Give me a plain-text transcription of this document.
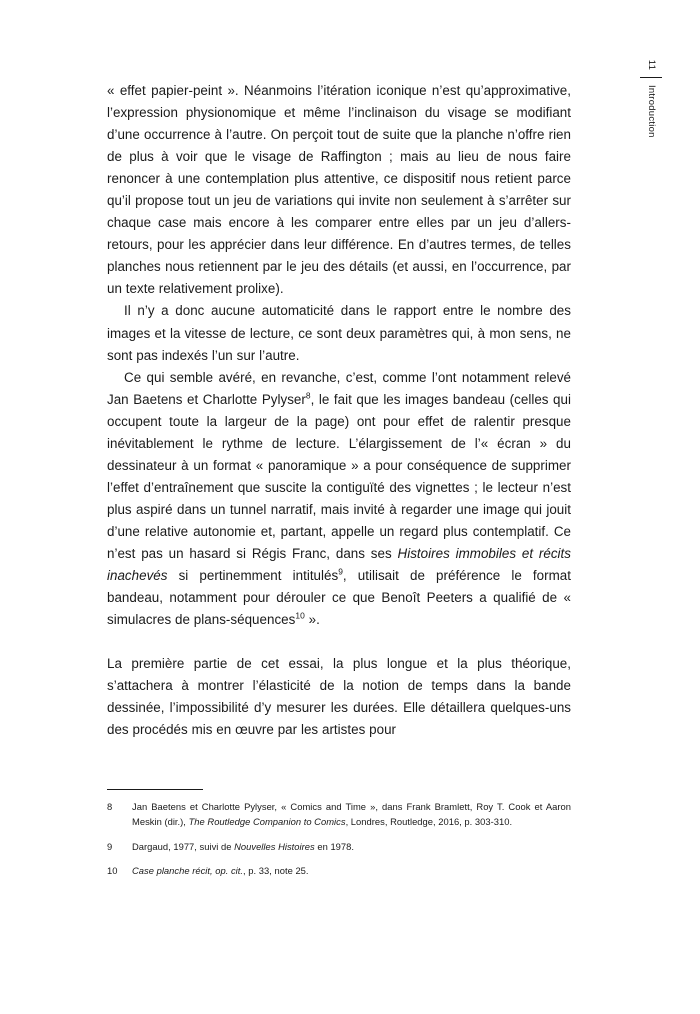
11
Introduction

« effet papier-peint ». Néanmoins l’itération iconique n’est qu’approximative, l’expression physionomique et même l’inclinaison du visage se modifiant d’une occurrence à l’autre. On perçoit tout de suite que la planche n’offre rien de plus à voir que le visage de Raffington ; mais au lieu de nous faire renoncer à une contemplation plus attentive, ce dispositif nous retient parce qu’il propose tout un jeu de variations qui invite non seulement à s’arrêter sur chaque case mais encore à les comparer entre elles par un jeu d’allers-retours, pour les apprécier dans leur différence. En d’autres termes, de telles planches nous retiennent par le jeu des détails (et aussi, en l’occurrence, par un texte relativement prolixe).

Il n’y a donc aucune automaticité dans le rapport entre le nombre des images et la vitesse de lecture, ce sont deux paramètres qui, à mon sens, ne sont pas indexés l’un sur l’autre.

Ce qui semble avéré, en revanche, c’est, comme l’ont notamment relevé Jan Baetens et Charlotte Pylyser$^8$, le fait que les images bandeau (celles qui occupent toute la largeur de la page) ont pour effet de ralentir presque inévitablement le rythme de lecture. L’élargissement de l’« écran » du dessinateur à un format « panoramique » a pour conséquence de supprimer l’effet d’entraînement que suscite la contiguïté des vignettes ; le lecteur n’est plus aspiré dans un tunnel narratif, mais invité à regarder une image qui jouit d’une relative autonomie et, partant, appelle un regard plus contemplatif. Ce n’est pas un hasard si Régis Franc, dans ses Histoires immobiles et récits inachevés si pertinemment intitulés$^9$, utilisait de préférence le format bandeau, notamment pour dérouler ce que Benoît Peeters a qualifié de « simulacres de plans-séquences$^{10}$ ».

La première partie de cet essai, la plus longue et la plus théorique, s’attachera à montrer l’élasticité de la notion de temps dans la bande dessinée, l’impossibilité d’y mesurer les durées. Elle détaillera quelques-uns des procédés mis en œuvre par les artistes pour

8	Jan Baetens et Charlotte Pylyser, « Comics and Time », dans Frank Bramlett, Roy T. Cook et Aaron Meskin (dir.), The Routledge Companion to Comics, Londres, Routledge, 2016, p. 303-310.
9	Dargaud, 1977, suivi de Nouvelles Histoires en 1978.
10	Case planche récit, op. cit., p. 33, note 25.
